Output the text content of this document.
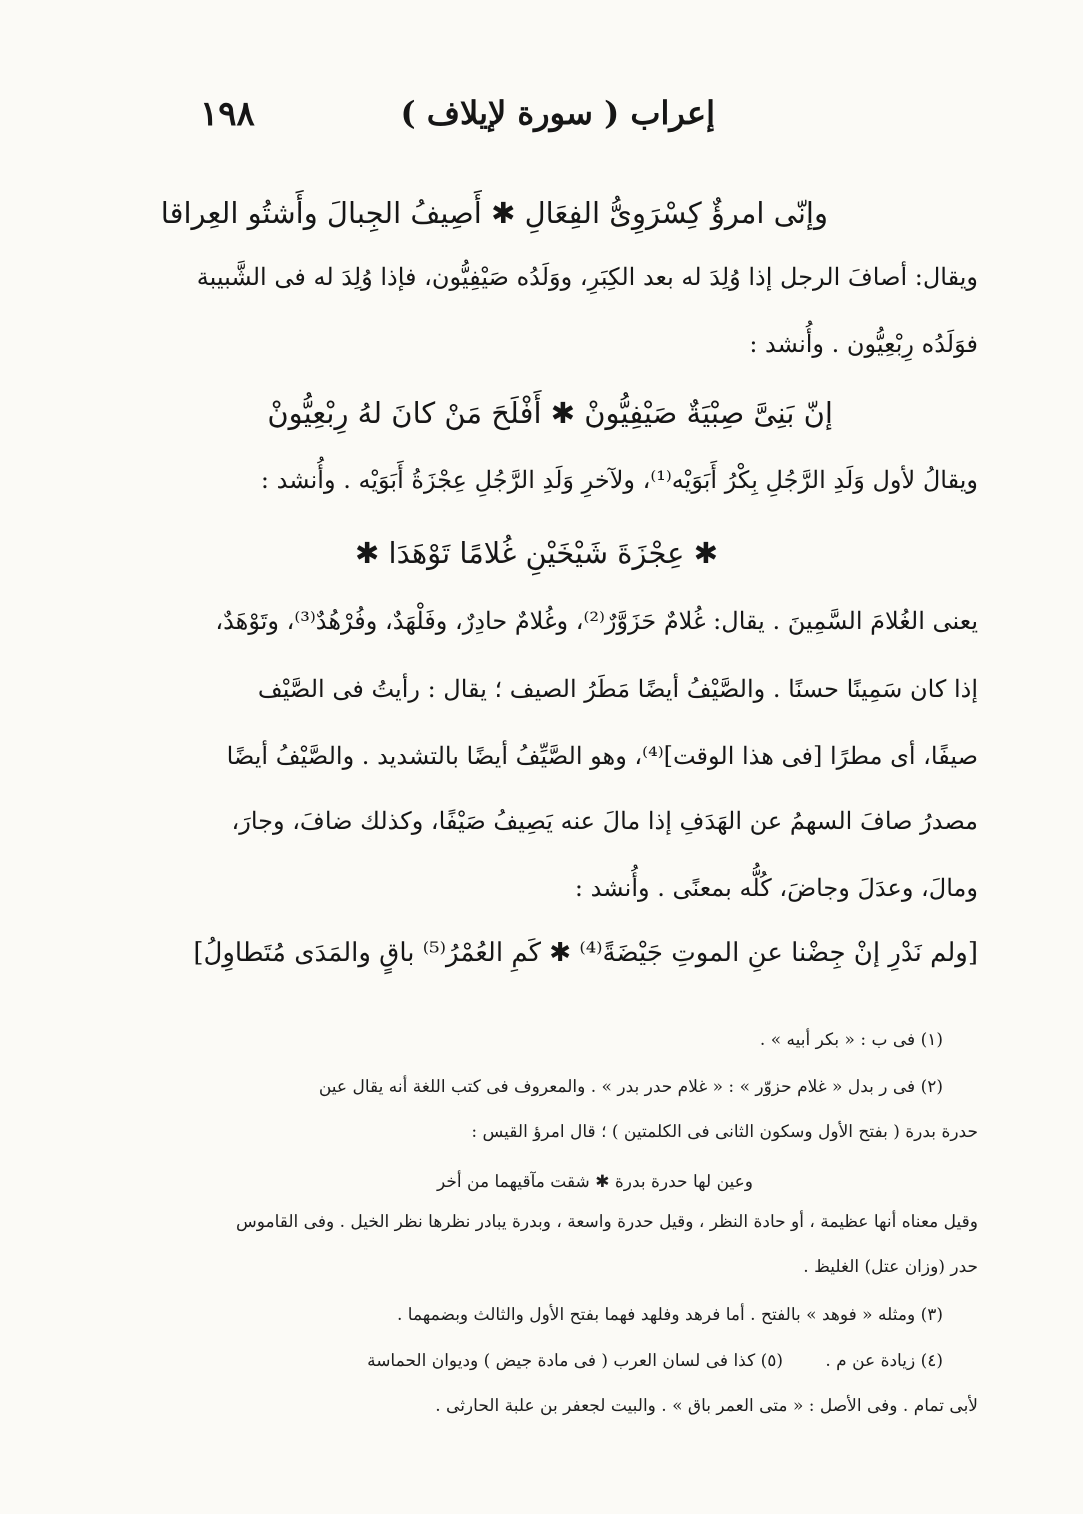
١٩٨	إعراب ( سورة لإيلاف )
وإنّى امرؤٌ كِسْرَوِىُّ الفِعَالِ ✱ أَصِيفُ الجِبالَ وأَشتُو العِراقا
ويقال: أصافَ الرجل إذا وُلِدَ له بعد الكِبَرِ، ووَلَدُه صَيْفِيُّون، فإذا وُلِدَ له فى الشَّبيبة
فوَلَدُه رِبْعِيُّون . وأُنشد :
إنّ بَنِىَّ صِبْيَةٌ صَيْفِيُّونْ ✱ أَفْلَحَ مَنْ كانَ لهُ رِبْعِيُّونْ
ويقالُ لأول وَلَدِ الرَّجُلِ بِكْرُ أَبَوَيْه⁽¹⁾، ولآخرِ وَلَدِ الرَّجُلِ عِجْزَةُ أَبَوَيْه . وأُنشد :
✱ عِجْزَةَ شَيْخَيْنِ غُلامًا تَوْهَدَا ✱
يعنى الغُلامَ السَّمِينَ . يقال: غُلامٌ حَزَوَّرٌ⁽²⁾، وغُلامٌ حادِرٌ، وفَلْهَدٌ، وفُرْهُدٌ⁽³⁾، وتَوْهَدٌ،
إذا كان سَمِينًا حسنًا . والصَّيْفُ أيضًا مَطَرُ الصيف ؛ يقال : رأيتُ فى الصَّيْف
صيفًا، أى مطرًا [فى هذا الوقت]⁽⁴⁾، وهو الصَّيِّفُ أيضًا بالتشديد . والصَّيْفُ أيضًا
مصدرُ صافَ السهمُ عن الهَدَفِ إذا مالَ عنه يَصِيفُ صَيْفًا، وكذلك ضافَ، وجارَ،
ومالَ، وعدَلَ وجاضَ، كُلُّه بمعنًى . وأُنشد :
[ولم نَدْرِ إنْ جِضْنا عنِ الموتِ جَيْضَةً⁽⁴⁾ ✱ كَمِ العُمْرُ⁽⁵⁾ باقٍ والمَدَى مُتَطاوِلُ]
(١) فى ب : « بكر أبيه » .
(٢) فى ر بدل « غلام حزوّر » : « غلام حدر بدر » . والمعروف فى كتب اللغة أنه يقال عين
حدرة بدرة ( بفتح الأول وسكون الثانى فى الكلمتين ) ؛ قال امرؤ القيس :
وعين لها حدرة بدرة ✱ شقت مآقيهما من أخر
وقيل معناه أنها عظيمة ، أو حادة النظر ، وقيل حدرة واسعة ، وبدرة يبادر نظرها نظر الخيل . وفى القاموس
حدر (وزان عتل) الغليظ .
(٣) ومثله « فوهد » بالفتح . أما فرهد وفلهد فهما بفتح الأول والثالث وبضمهما .
(٤) زيادة عن م .
(٥) كذا فى لسان العرب ( فى مادة جيض ) وديوان الحماسة
لأبى تمام . وفى الأصل : « متى العمر باق » . والبيت لجعفر بن علبة الحارثى .
